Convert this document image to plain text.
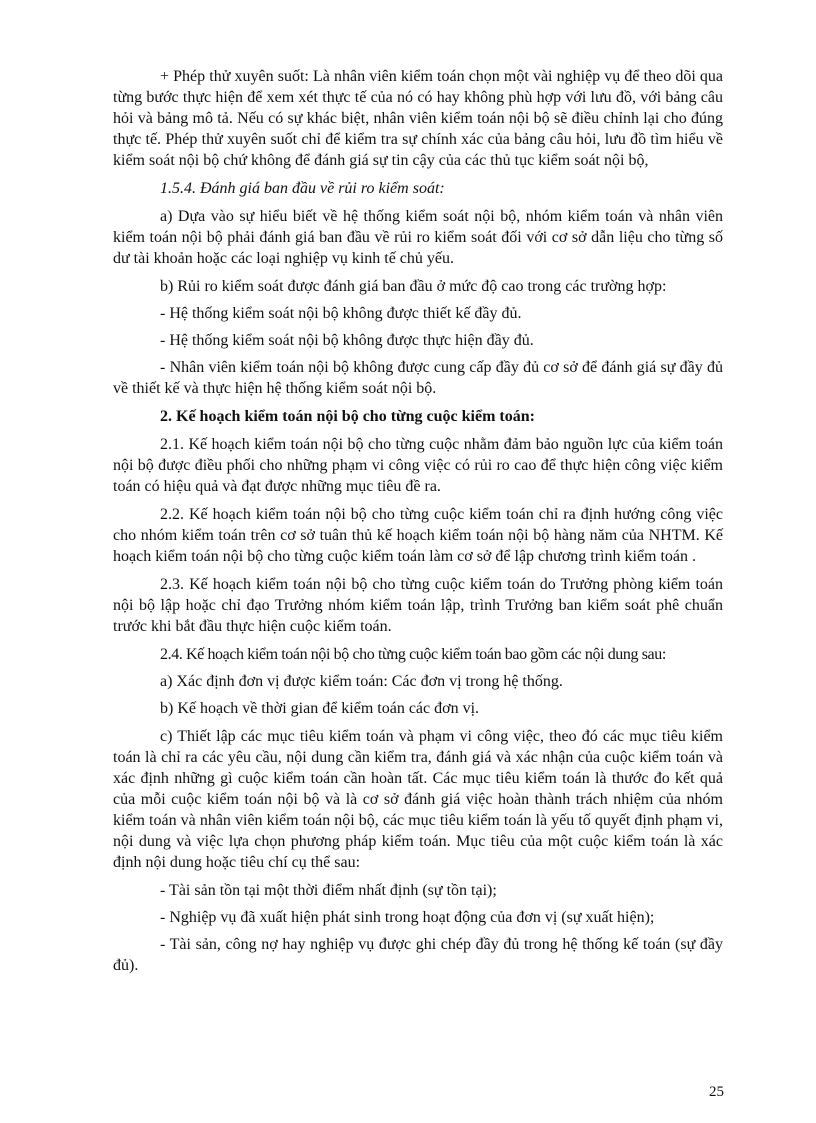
+ Phép thử xuyên suốt: Là nhân viên kiểm toán chọn một vài nghiệp vụ để theo dõi qua từng bước thực hiện để xem xét thực tế của nó có hay không phù hợp với lưu đồ, với bảng câu hỏi và bảng mô tả. Nếu có sự khác biệt, nhân viên kiểm toán nội bộ sẽ điều chỉnh lại cho đúng thực tế. Phép thử xuyên suốt chỉ để kiểm tra sự chính xác của bảng câu hỏi, lưu đồ tìm hiểu về kiểm soát nội bộ chứ không để đánh giá sự tin cậy của các thủ tục kiểm soát nội bộ,

1.5.4. Đánh giá ban đầu về rủi ro kiểm soát:

a) Dựa vào sự hiểu biết về hệ thống kiểm soát nội bộ, nhóm kiểm toán và nhân viên kiểm toán nội bộ phải đánh giá ban đầu về rủi ro kiểm soát đối với cơ sở dẫn liệu cho từng số dư tài khoản hoặc các loại nghiệp vụ kinh tế chủ yếu.

b) Rủi ro kiểm soát được đánh giá ban đầu ở mức độ cao trong các trường hợp:

- Hệ thống kiểm soát nội bộ không được thiết kế đầy đủ.

- Hệ thống kiểm soát nội bộ không được thực hiện đầy đủ.

- Nhân viên kiểm toán nội bộ không được cung cấp đầy đủ cơ sở để đánh giá sự đầy đủ về thiết kế và thực hiện hệ thống kiểm soát nội bộ.

2. Kế hoạch kiểm toán nội bộ cho từng cuộc kiểm toán:

2.1. Kế hoạch kiểm toán nội bộ cho từng cuộc nhằm đảm bảo nguồn lực của kiểm toán nội bộ được điều phối cho những phạm vi công việc có rủi ro cao để thực hiện công việc kiểm toán có hiệu quả và đạt được những mục tiêu đề ra.

2.2. Kế hoạch kiểm toán nội bộ cho từng cuộc kiểm toán chỉ ra định hướng công việc cho nhóm kiểm toán trên cơ sở tuân thủ kế hoạch kiểm toán nội bộ hàng năm của NHTM. Kế hoạch kiểm toán nội bộ cho từng cuộc kiểm toán làm cơ sở để lập chương trình kiểm toán .

2.3. Kế hoạch kiểm toán nội bộ cho từng cuộc kiểm toán do Trưởng phòng kiểm toán nội bộ lập hoặc chỉ đạo Trưởng nhóm kiểm toán lập, trình Trưởng ban kiểm soát phê chuẩn trước khi bắt đầu thực hiện cuộc kiểm toán.

2.4. Kế hoạch kiểm toán nội bộ cho từng cuộc kiểm toán bao gồm các nội dung sau:

a) Xác định đơn vị được kiểm toán: Các đơn vị trong hệ thống.

b) Kế hoạch về thời gian để kiểm toán các đơn vị.

c) Thiết lập các mục tiêu kiểm toán và phạm vi công việc, theo đó các mục tiêu kiểm toán là chỉ ra các yêu cầu, nội dung cần kiểm tra, đánh giá và xác nhận của cuộc kiểm toán và xác định những gì cuộc kiểm toán cần hoàn tất. Các mục tiêu kiểm toán là thước đo kết quả của mỗi cuộc kiểm toán nội bộ và là cơ sở đánh giá việc hoàn thành trách nhiệm của nhóm kiểm toán và nhân viên kiểm toán nội bộ, các mục tiêu kiểm toán là yếu tố quyết định phạm vi, nội dung và việc lựa chọn phương pháp kiểm toán. Mục tiêu của một cuộc kiểm toán là xác định nội dung hoặc tiêu chí cụ thể sau:

- Tài sản tồn tại một thời điểm nhất định (sự tồn tại);

- Nghiệp vụ đã xuất hiện phát sinh trong hoạt động của đơn vị (sự xuất hiện);

- Tài sản, công nợ hay nghiệp vụ được ghi chép đầy đủ trong hệ thống kế toán (sự đầy đủ).

25
